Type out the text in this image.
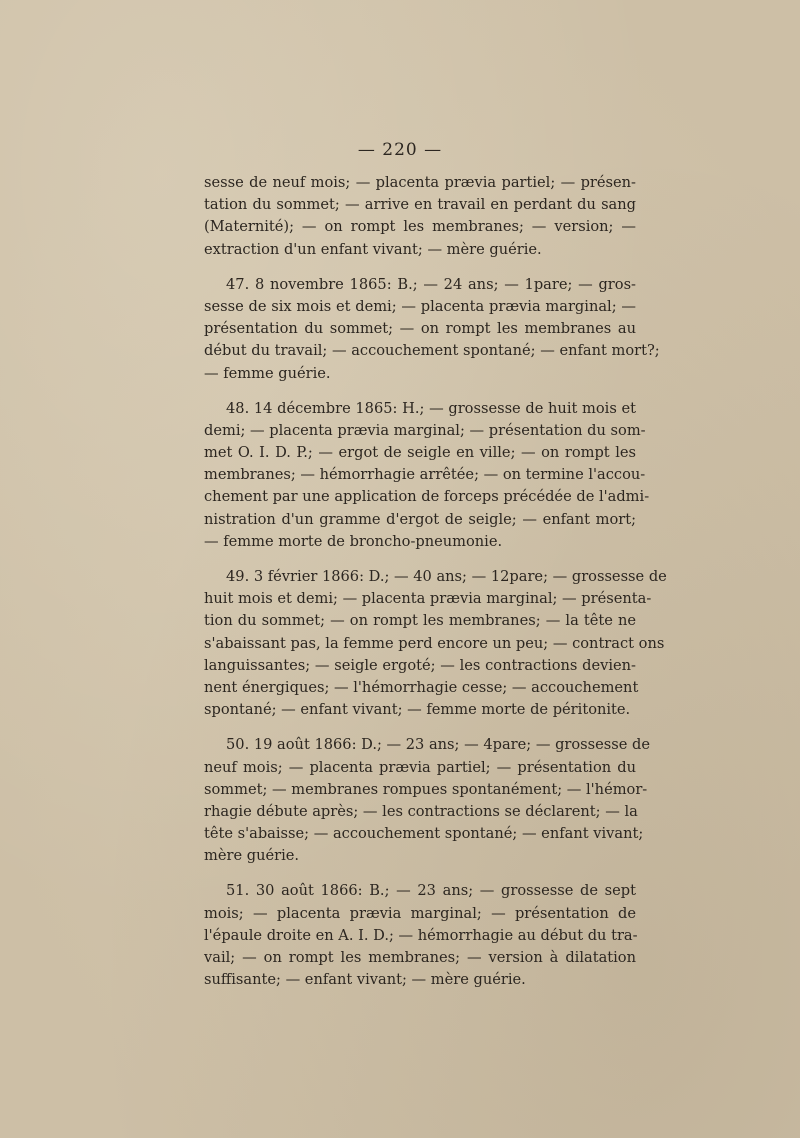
— 220 —
sesse de neuf mois; — placenta prævia partiel; — présen-
tation du sommet; — arrive en travail en perdant du sang
(Maternité); — on rompt les membranes; — version; —
extraction d'un enfant vivant; — mère guérie.
47. 8 novembre 1865: B.; — 24 ans; — 1pare; — gros-
sesse de six mois et demi; — placenta prævia marginal; —
présentation du sommet; — on rompt les membranes au
début du travail; — accouchement spontané; — enfant mort?;
— femme guérie.
48. 14 décembre 1865: H.; — grossesse de huit mois et
demi; — placenta prævia marginal; — présentation du som-
met O. I. D. P.; — ergot de seigle en ville; — on rompt les
membranes; — hémorrhagie arrêtée; — on termine l'accou-
chement par une application de forceps précédée de l'admi-
nistration d'un gramme d'ergot de seigle; — enfant mort;
— femme morte de broncho-pneumonie.
49. 3 février 1866: D.; — 40 ans; — 12pare; — grossesse de
huit mois et demi; — placenta prævia marginal; — présenta-
tion du sommet; — on rompt les membranes; — la tête ne
s'abaissant pas, la femme perd encore un peu; — contract ons
languissantes; — seigle ergoté; — les contractions devien-
nent énergiques; — l'hémorrhagie cesse; — accouchement
spontané; — enfant vivant; — femme morte de péritonite.
50. 19 août 1866: D.; — 23 ans; — 4pare; — grossesse de
neuf mois; — placenta prævia partiel; — présentation du
sommet; — membranes rompues spontanément; — l'hémor-
rhagie débute après; — les contractions se déclarent; — la
tête s'abaisse; — accouchement spontané; — enfant vivant;
mère guérie.
51. 30 août 1866: B.; — 23 ans; — grossesse de sept
mois; — placenta prævia marginal; — présentation de
l'épaule droite en A. I. D.; — hémorrhagie au début du tra-
vail; — on rompt les membranes; — version à dilatation
suffisante; — enfant vivant; — mère guérie.
